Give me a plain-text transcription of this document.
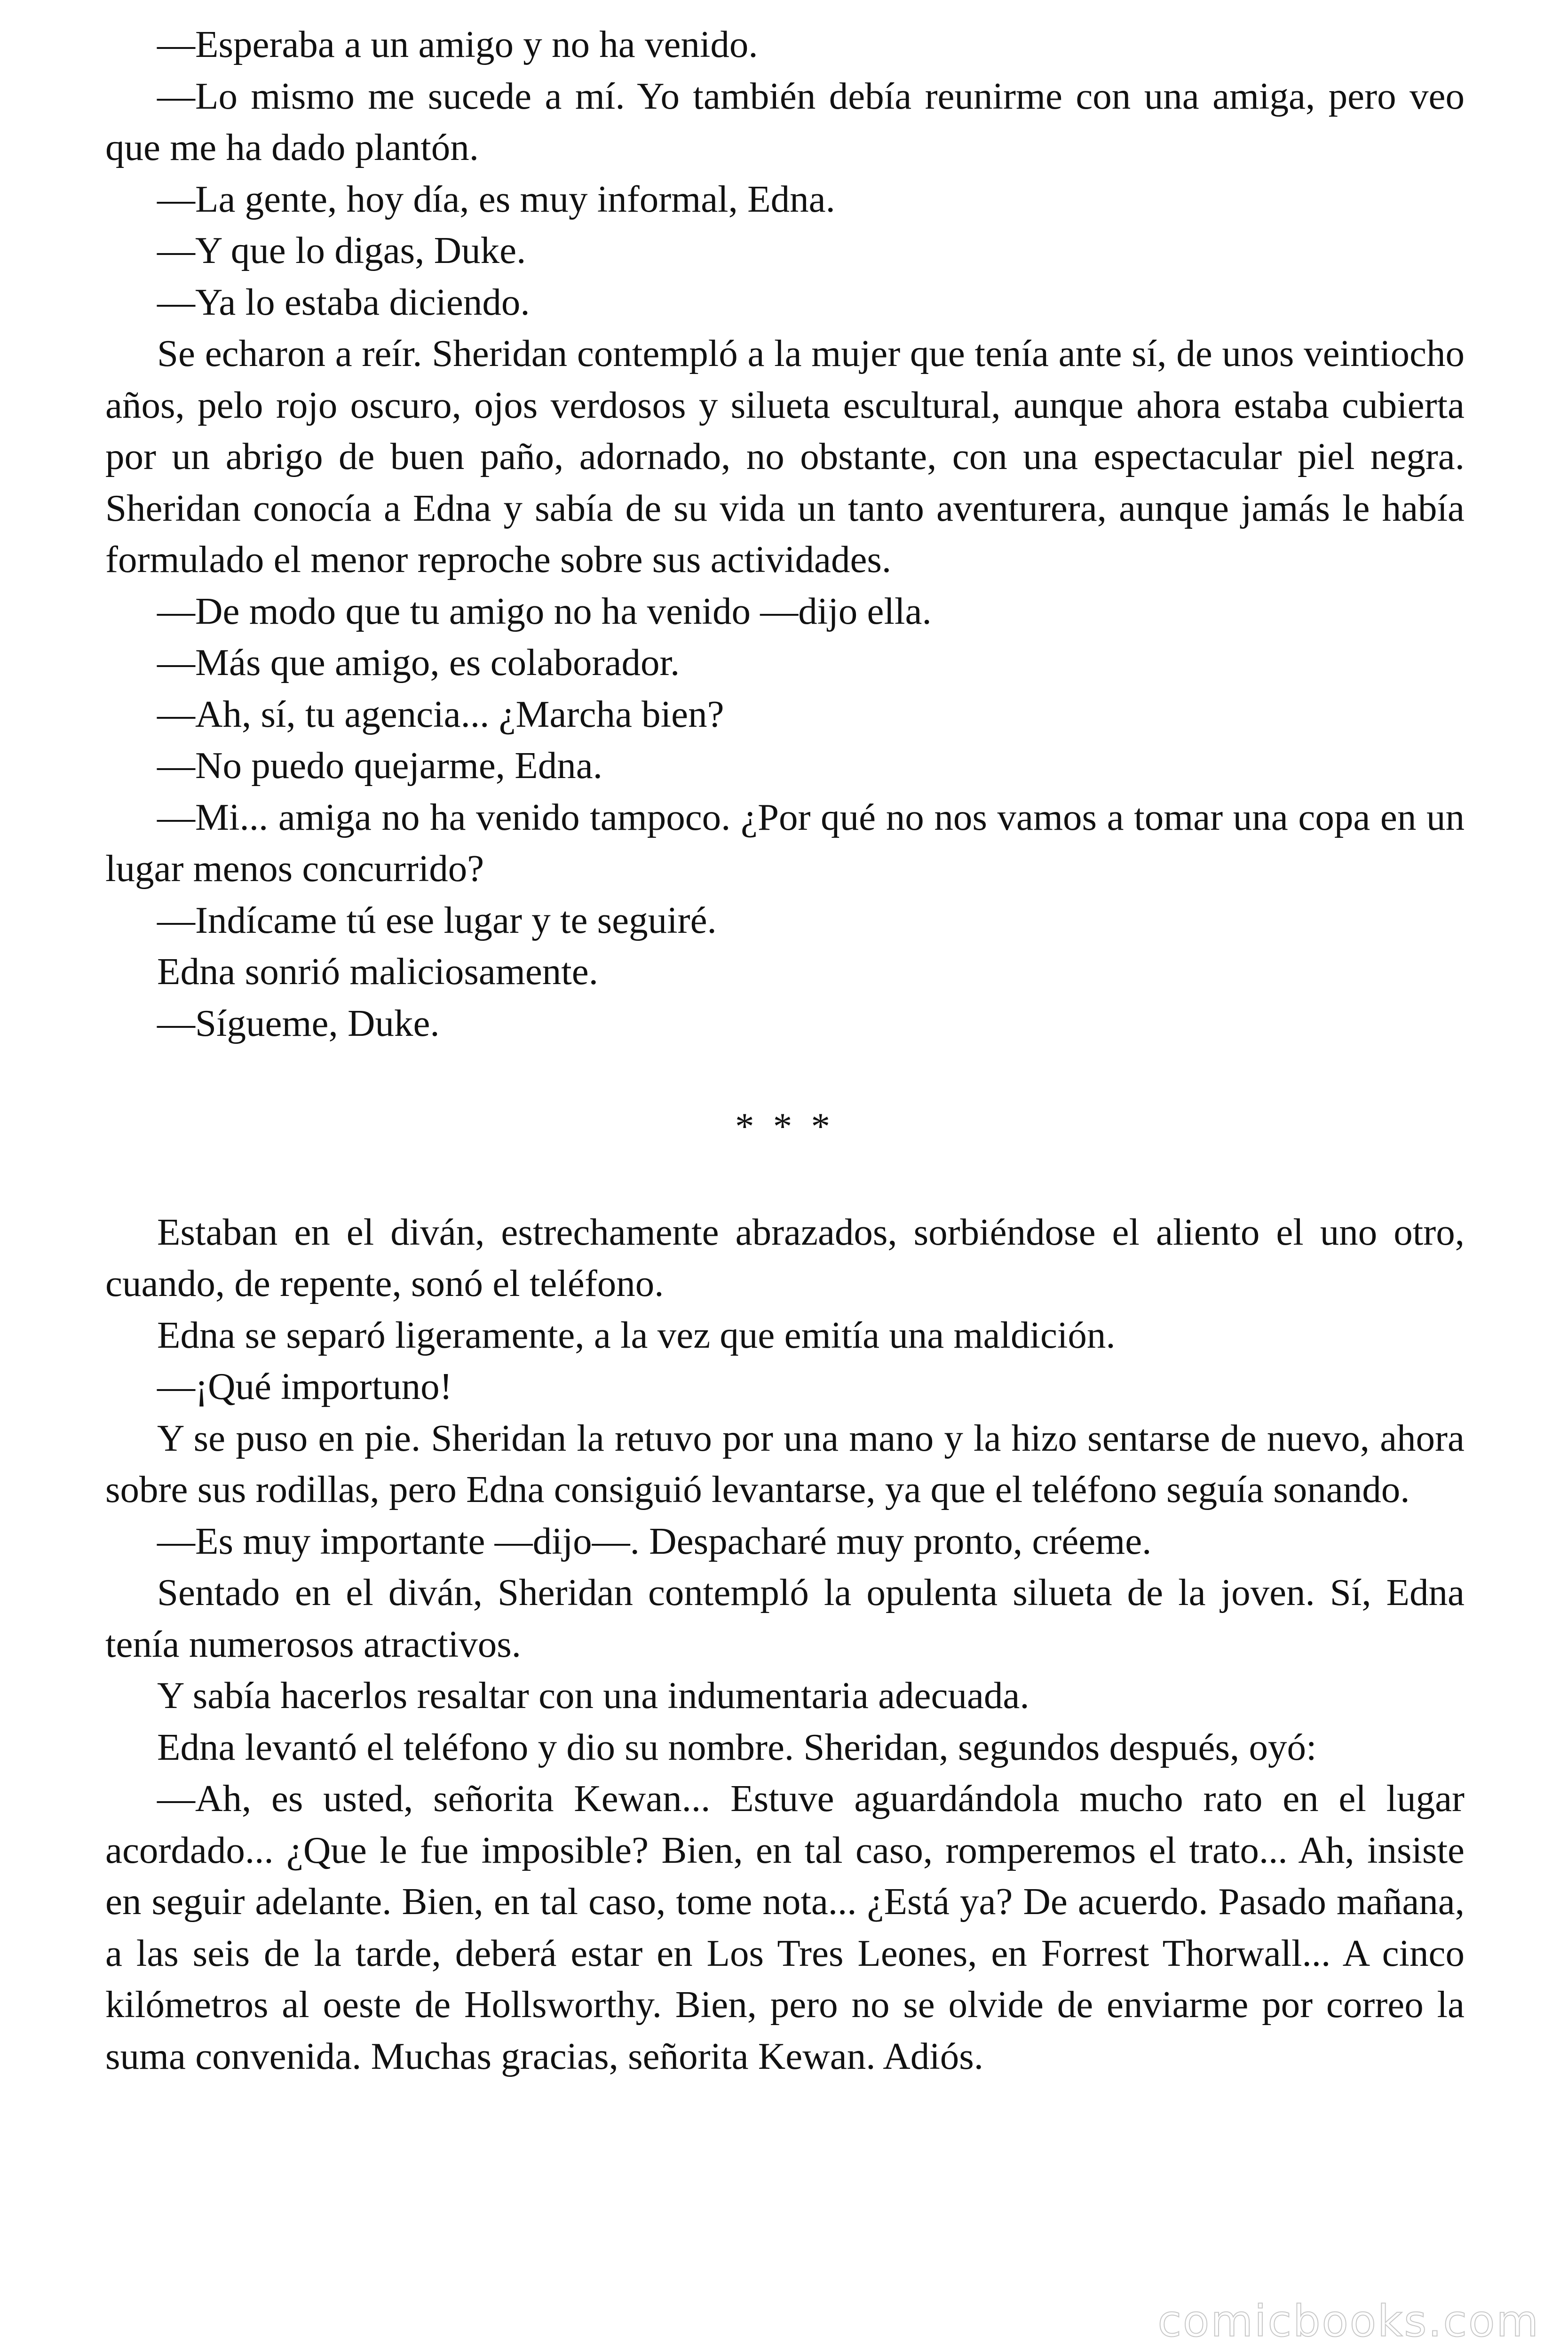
—Esperaba a un amigo y no ha venido.

—Lo mismo me sucede a mí. Yo también debía reunirme con una amiga, pero veo que me ha dado plantón.

—La gente, hoy día, es muy informal, Edna.

—Y que lo digas, Duke.

—Ya lo estaba diciendo.

Se echaron a reír. Sheridan contempló a la mujer que tenía ante sí, de unos veintiocho años, pelo rojo oscuro, ojos verdosos y silueta escultural, aunque ahora estaba cubierta por un abrigo de buen paño, adornado, no obstante, con una espectacular piel negra. Sheridan conocía a Edna y sabía de su vida un tanto aventurera, aunque jamás le había formulado el menor reproche sobre sus actividades.

—De modo que tu amigo no ha venido —dijo ella.

—Más que amigo, es colaborador.

—Ah, sí, tu agencia... ¿Marcha bien?

—No puedo quejarme, Edna.

—Mi... amiga no ha venido tampoco. ¿Por qué no nos vamos a tomar una copa en un lugar menos concurrido?

—Indícame tú ese lugar y te seguiré.

Edna sonrió maliciosamente.

—Sígueme, Duke.

* * *

Estaban en el diván, estrechamente abrazados, sorbiéndose el aliento el uno otro, cuando, de repente, sonó el teléfono.

Edna se separó ligeramente, a la vez que emitía una maldición.

—¡Qué importuno!

Y se puso en pie. Sheridan la retuvo por una mano y la hizo sentarse de nuevo, ahora sobre sus rodillas, pero Edna consiguió levantarse, ya que el teléfono seguía sonando.

—Es muy importante —dijo—. Despacharé muy pronto, créeme.

Sentado en el diván, Sheridan contempló la opulenta silueta de la joven. Sí, Edna tenía numerosos atractivos.

Y sabía hacerlos resaltar con una indumentaria adecuada.

Edna levantó el teléfono y dio su nombre. Sheridan, segundos después, oyó:

—Ah, es usted, señorita Kewan... Estuve aguardándola mucho rato en el lugar acordado... ¿Que le fue imposible? Bien, en tal caso, romperemos el trato... Ah, insiste en seguir adelante. Bien, en tal caso, tome nota... ¿Está ya? De acuerdo. Pasado mañana, a las seis de la tarde, deberá estar en Los Tres Leones, en Forrest Thorwall... A cinco kilómetros al oeste de Hollsworthy. Bien, pero no se olvide de enviarme por correo la suma convenida. Muchas gracias, señorita Kewan. Adiós.

comicbooks.com
